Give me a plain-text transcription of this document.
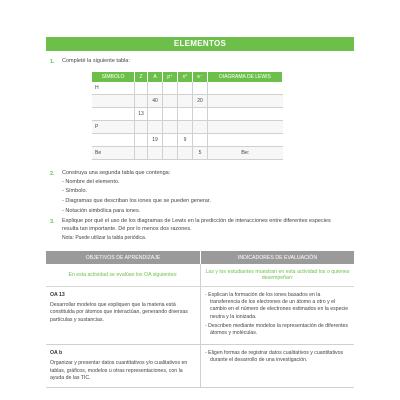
ELEMENTOS
1. Completé la siguiente tabla:
SÍMBOLO	Z	A	p⁺	n°	e⁻	DIAGRAMA DE LEWIS
H						
		40			20	
	13					
P						
		19		9		
Be					5	Be:
2. Construya una segunda tabla que contenga:
- Nombre del elemento.
- Símbolo.
- Diagramas que describan los iones que se pueden generar.
- Notación simbólica para iones.
3. Explique por qué el uso de los diagramas de Lewis en la predicción de interacciones entre diferentes especies
resulta tan importante. Dé por lo menos dos razones.
Nota: Puede utilizar la tabla periódica.
OBJETIVOS DE APRENDIZAJE	INDICADORES DE EVALUACIÓN
En esta actividad se evalúan los OA siguientes:	Las y los estudiantes muestran en esta actividad los o quienes desempeñan:

OA 13
Desarrollar modelos que expliquen que la materia está constituida por átomos que interactúan, generando diversas partículas y sustancias.	- Explican la formación de los iones basados en la transferencia de los electrones de un átomo a otro y el cambio en el número de electrones estimados en la especie neutra y la ionizada.
- Describen mediante modelos la representación de diferentes átomos y moléculas.

OA b
Organizar y presentar datos cuantitativos y/o cualitativos en tablas, gráficos, modelos u otras representaciones, con la ayuda de las TIC.	- Eligen formas de registrar datos cualitativos y cuantitativos durante el desarrollo de una investigación.
